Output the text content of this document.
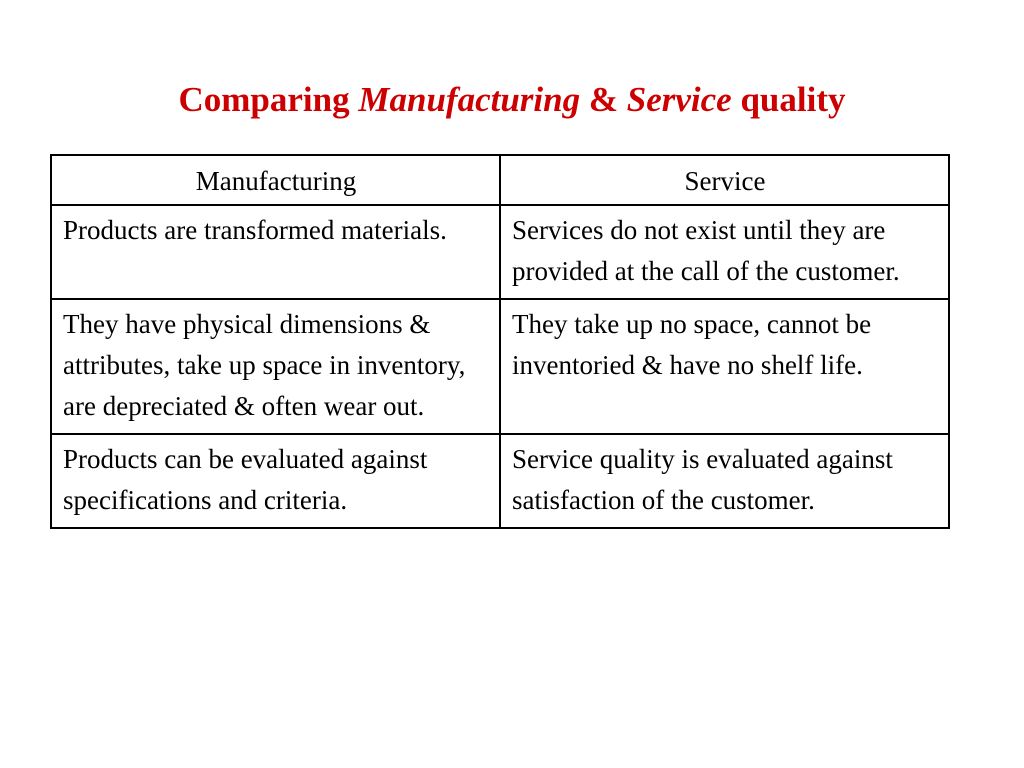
Comparing Manufacturing & Service quality
Manufacturing	Service
Products are transformed materials.	Services do not exist until they are provided at the call of the customer.
They have physical dimensions & attributes, take up space in inventory, are depreciated & often wear out.	They take up no space, cannot be inventoried & have no shelf life.
Products can be evaluated against specifications and criteria.	Service quality is evaluated against satisfaction of the customer.
